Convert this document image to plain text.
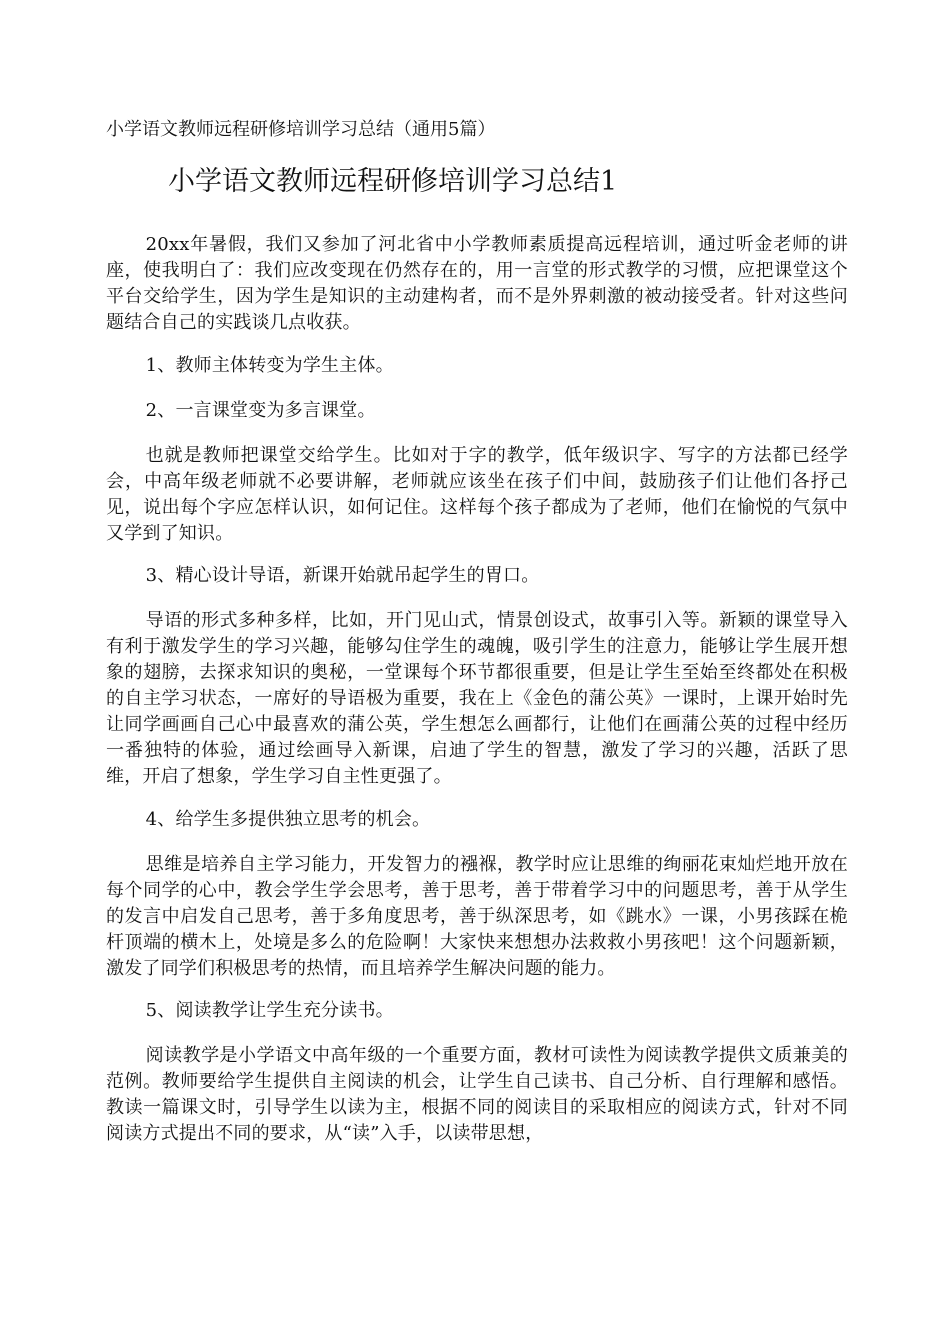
小学语文教师远程研修培训学习总结（通用5篇）
小学语文教师远程研修培训学习总结1

20xx年暑假，我们又参加了河北省中小学教师素质提高远程培训，通过听金老师的讲座，使我明白了：我们应改变现在仍然存在的，用一言堂的形式教学的习惯，应把课堂这个平台交给学生，因为学生是知识的主动建构者，而不是外界刺激的被动接受者。针对这些问题结合自己的实践谈几点收获。

1、教师主体转变为学生主体。

2、一言课堂变为多言课堂。

也就是教师把课堂交给学生。比如对于字的教学，低年级识字、写字的方法都已经学会，中高年级老师就不必要讲解，老师就应该坐在孩子们中间，鼓励孩子们让他们各抒己见，说出每个字应怎样认识，如何记住。这样每个孩子都成为了老师，他们在愉悦的气氛中又学到了知识。

3、精心设计导语，新课开始就吊起学生的胃口。

导语的形式多种多样，比如，开门见山式，情景创设式，故事引入等。新颖的课堂导入有利于激发学生的学习兴趣，能够勾住学生的魂魄，吸引学生的注意力，能够让学生展开想象的翅膀，去探求知识的奥秘，一堂课每个环节都很重要，但是让学生至始至终都处在积极的自主学习状态，一席好的导语极为重要，我在上《金色的蒲公英》一课时，上课开始时先让同学画画自己心中最喜欢的蒲公英，学生想怎么画都行，让他们在画蒲公英的过程中经历一番独特的体验，通过绘画导入新课，启迪了学生的智慧，激发了学习的兴趣，活跃了思维，开启了想象，学生学习自主性更强了。

4、给学生多提供独立思考的机会。

思维是培养自主学习能力，开发智力的襁褓，教学时应让思维的绚丽花束灿烂地开放在每个同学的心中，教会学生学会思考，善于思考，善于带着学习中的问题思考，善于从学生的发言中启发自己思考，善于多角度思考，善于纵深思考，如《跳水》一课，小男孩踩在桅杆顶端的横木上，处境是多么的危险啊！大家快来想想办法救救小男孩吧！这个问题新颖，激发了同学们积极思考的热情，而且培养学生解决问题的能力。

5、阅读教学让学生充分读书。

阅读教学是小学语文中高年级的一个重要方面，教材可读性为阅读教学提供文质兼美的范例。教师要给学生提供自主阅读的机会，让学生自己读书、自己分析、自行理解和感悟。教读一篇课文时，引导学生以读为主，根据不同的阅读目的采取相应的阅读方式，针对不同阅读方式提出不同的要求，从“读”入手，以读带思想，
